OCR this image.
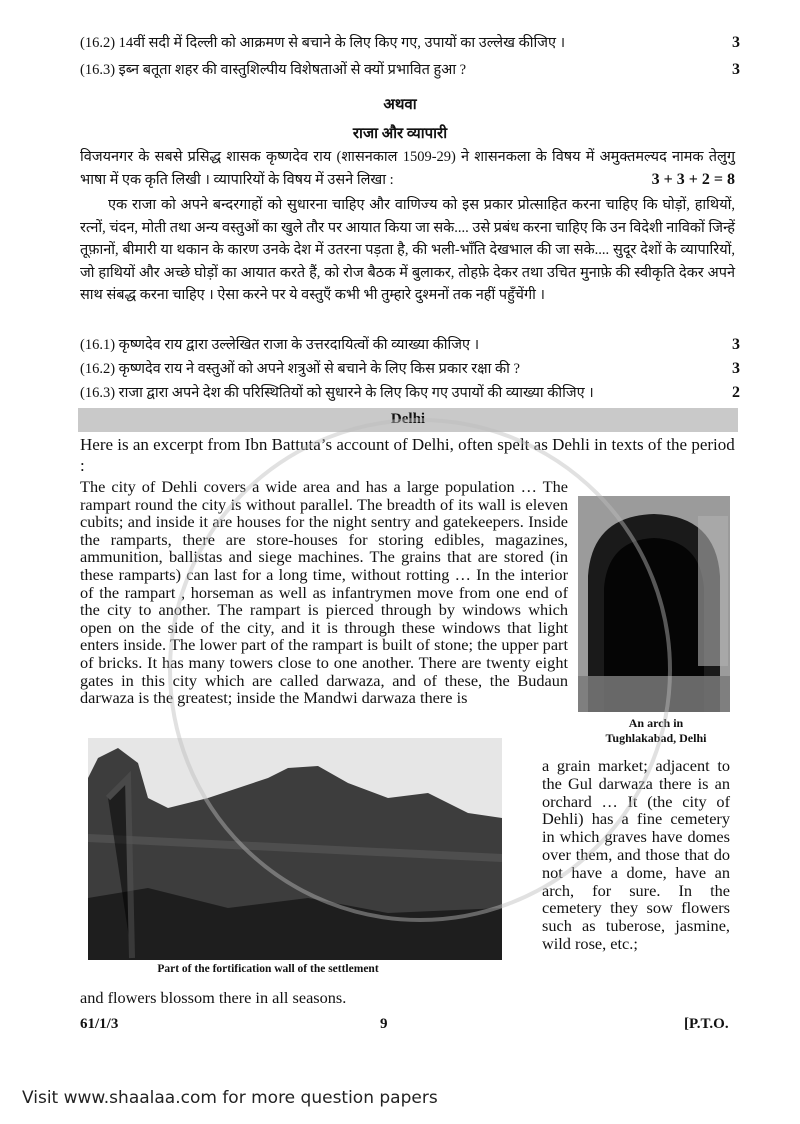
(16.2) 14वीं सदी में दिल्ली को आक्रमण से बचाने के लिए किए गए, उपायों का उल्लेख कीजिए ।	3
(16.3) इब्न बतूता शहर की वास्तुशिल्पीय विशेषताओं से क्यों प्रभावित हुआ ?	3
अथवा
राजा और व्यापारी
विजयनगर के सबसे प्रसिद्ध शासक कृष्णदेव राय (शासनकाल 1509-29) ने शासनकला के विषय में अमुक्तमल्यद नामक तेलुगु भाषा में एक कृति लिखी । व्यापारियों के विषय में उसने लिखा :	3 + 3 + 2 = 8
एक राजा को अपने बन्दरगाहों को सुधारना चाहिए और वाणिज्य को इस प्रकार प्रोत्साहित करना चाहिए कि घोड़ों, हाथियों, रत्नों, चंदन, मोती तथा अन्य वस्तुओं का खुले तौर पर आयात किया जा सके.... उसे प्रबंध करना चाहिए कि उन विदेशी नाविकों जिन्हें तूफ़ानों, बीमारी या थकान के कारण उनके देश में उतरना पड़ता है, की भली-भाँति देखभाल की जा सके.... सुदूर देशों के व्यापारियों, जो हाथियों और अच्छे घोड़ों का आयात करते हैं, को रोज बैठक में बुलाकर, तोहफ़े देकर तथा उचित मुनाफ़े की स्वीकृति देकर अपने साथ संबद्ध करना चाहिए । ऐसा करने पर ये वस्तुएँ कभी भी तुम्हारे दुश्मनों तक नहीं पहुँचेंगी ।
(16.1) कृष्णदेव राय द्वारा उल्लेखित राजा के उत्तरदायित्वों की व्याख्या कीजिए ।	3
(16.2) कृष्णदेव राय ने वस्तुओं को अपने शत्रुओं से बचाने के लिए किस प्रकार रक्षा की ?	3
(16.3) राजा द्वारा अपने देश की परिस्थितियों को सुधारने के लिए किए गए उपायों की व्याख्या कीजिए ।	2
Delhi
Here is an excerpt from Ibn Battuta’s account of Delhi, often spelt as Dehli in texts of the period :
The city of Dehli covers a wide area and has a large population … The rampart round the city is without parallel. The breadth of its wall is eleven cubits; and inside it are houses for the night sentry and gatekeepers. Inside the ramparts, there are store-houses for storing edibles, magazines, ammunition, ballistas and siege machines. The grains that are stored (in these ramparts) can last for a long time, without rotting … In the interior of the rampart , horseman as well as infantrymen move from one end of the city to another. The rampart is pierced through by windows which open on the side of the city, and it is through these windows that light enters inside. The lower part of the rampart is built of stone; the upper part of bricks. It has many towers close to one another. There are twenty eight gates in this city which are called darwaza, and of these, the Budaun darwaza is the greatest; inside the Mandwi darwaza there is
An arch in
Tughlakabad, Delhi
Part of the fortification wall of the settlement
a grain market; adjacent to the Gul darwaza there is an orchard … It (the city of Dehli) has a fine cemetery in which graves have domes over them, and those that do not have a dome, have an arch, for sure. In the cemetery they sow flowers such as tuberose, jasmine, wild rose, etc.;
and flowers blossom there in all seasons.
61/1/3	9	[P.T.O.
Visit www.shaalaa.com for more question papers
